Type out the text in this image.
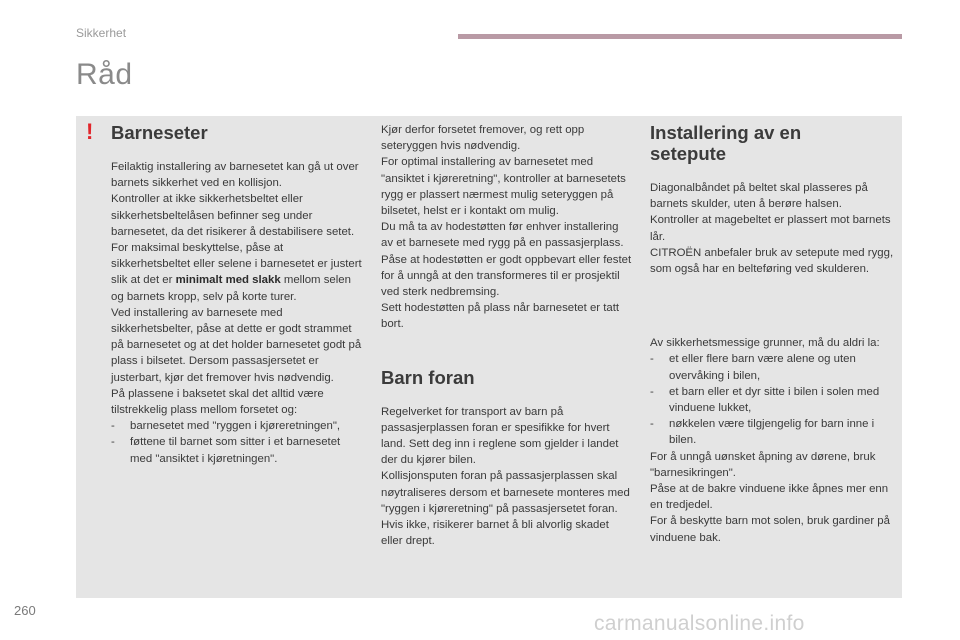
Sikkerhet
Råd
! Barneseter

Feilaktig installering av barnesetet kan gå ut over barnets sikkerhet ved en kollisjon.

Kontroller at ikke sikkerhetsbeltet eller sikkerhetsbeltelåsen befinner seg under barnesetet, da det risikerer å destabilisere setet.

For maksimal beskyttelse, påse at sikkerhetsbeltet eller selene i barnesetet er justert slik at det er minimalt med slakk mellom selen og barnets kropp, selv på korte turer.

Ved installering av barnesete med sikkerhetsbelter, påse at dette er godt strammet på barnesetet og at det holder barnesetet godt på plass i bilsetet. Dersom passasjersetet er justerbart, kjør det fremover hvis nødvendig.

På plassene i baksetet skal det alltid være tilstrekkelig plass mellom forsetet og:

- barnesetet med "ryggen i kjøreretningen",
- føttene til barnet som sitter i et barnesetet med "ansiktet i kjøretningen".

Kjør derfor forsetet fremover, og rett opp seteryggen hvis nødvendig.

For optimal installering av barnesetet med "ansiktet i kjøreretning", kontroller at barnesetets rygg er plassert nærmest mulig seteryggen på bilsetet, helst er i kontakt om mulig.

Du må ta av hodestøtten før enhver installering av et barnesete med rygg på en passasjerplass.

Påse at hodestøtten er godt oppbevart eller festet for å unngå at den transformeres til er prosjektil ved sterk nedbremsing.

Sett hodestøtten på plass når barnesetet er tatt bort.

Barn foran

Regelverket for transport av barn på passasjerplassen foran er spesifikke for hvert land. Sett deg inn i reglene som gjelder i landet der du kjører bilen.

Kollisjonsputen foran på passasjerplassen skal nøytraliseres dersom et barnesete monteres med "ryggen i kjøreretning" på passasjersetet foran. Hvis ikke, risikerer barnet å bli alvorlig skadet eller drept.

Installering av en setepute

Diagonalbåndet på beltet skal plasseres på barnets skulder, uten å berøre halsen.

Kontroller at magebeltet er plassert mot barnets lår.

CITROËN anbefaler bruk av setepute med rygg, som også har en belteføring ved skulderen.

Av sikkerhetsmessige grunner, må du aldri la:

- et eller flere barn være alene og uten overvåking i bilen,
- et barn eller et dyr sitte i bilen i solen med vinduene lukket,
- nøkkelen være tilgjengelig for barn inne i bilen.

For å unngå uønsket åpning av dørene, bruk "barnesikringen".

Påse at de bakre vinduene ikke åpnes mer enn en tredjedel.

For å beskytte barn mot solen, bruk gardiner på vinduene bak.

260
carmanualsonline.info
